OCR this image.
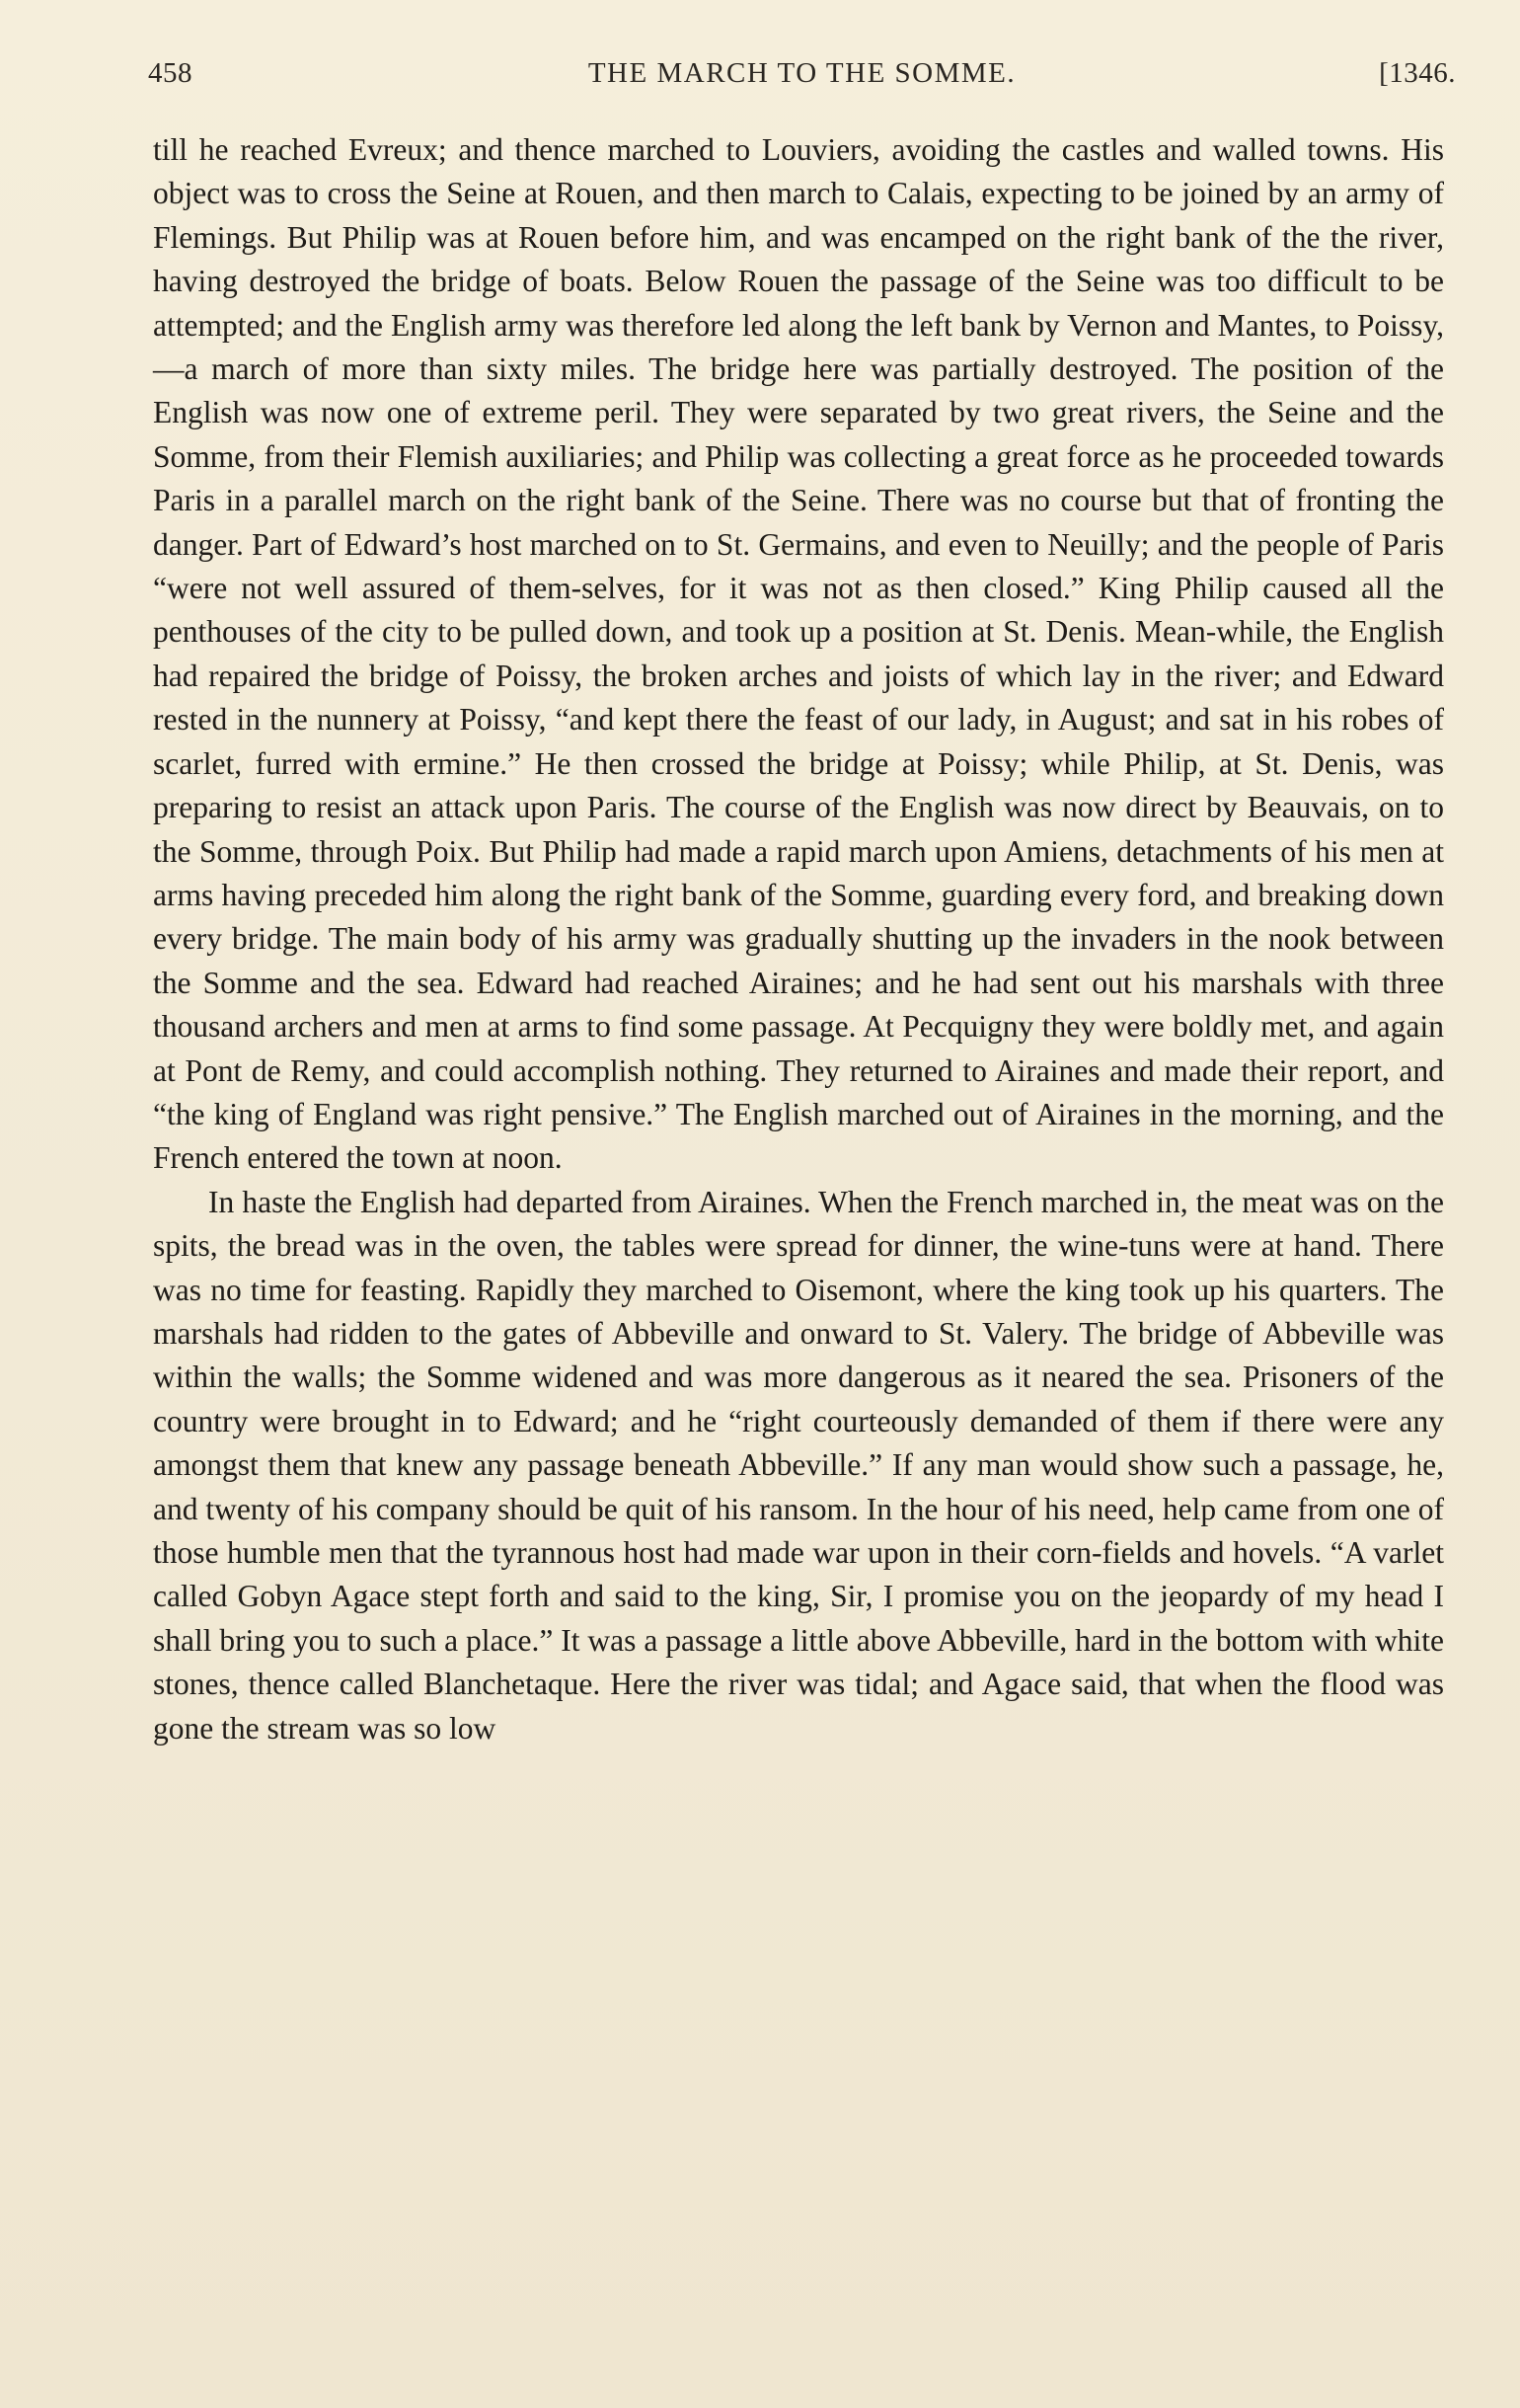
458	THE MARCH TO THE SOMME.	[1346.

till he reached Evreux; and thence marched to Louviers, avoiding the castles and walled towns. His object was to cross the Seine at Rouen, and then march to Calais, expecting to be joined by an army of Flemings. But Philip was at Rouen before him, and was encamped on the right bank of the the river, having destroyed the bridge of boats. Below Rouen the passage of the Seine was too difficult to be attempted; and the English army was therefore led along the left bank by Vernon and Mantes, to Poissy,—a march of more than sixty miles. The bridge here was partially destroyed. The position of the English was now one of extreme peril. They were separated by two great rivers, the Seine and the Somme, from their Flemish auxiliaries; and Philip was collecting a great force as he proceeded towards Paris in a parallel march on the right bank of the Seine. There was no course but that of fronting the danger. Part of Edward’s host marched on to St. Germains, and even to Neuilly; and the people of Paris “were not well assured of them-selves, for it was not as then closed.” King Philip caused all the penthouses of the city to be pulled down, and took up a position at St. Denis. Mean-while, the English had repaired the bridge of Poissy, the broken arches and joists of which lay in the river; and Edward rested in the nunnery at Poissy, “and kept there the feast of our lady, in August; and sat in his robes of scarlet, furred with ermine.” He then crossed the bridge at Poissy; while Philip, at St. Denis, was preparing to resist an attack upon Paris. The course of the English was now direct by Beauvais, on to the Somme, through Poix. But Philip had made a rapid march upon Amiens, detachments of his men at arms having preceded him along the right bank of the Somme, guarding every ford, and breaking down every bridge. The main body of his army was gradually shutting up the invaders in the nook between the Somme and the sea. Edward had reached Airaines; and he had sent out his marshals with three thousand archers and men at arms to find some passage. At Pecquigny they were boldly met, and again at Pont de Remy, and could accomplish nothing. They returned to Airaines and made their report, and “the king of England was right pensive.” The English marched out of Airaines in the morning, and the French entered the town at noon.

In haste the English had departed from Airaines. When the French marched in, the meat was on the spits, the bread was in the oven, the tables were spread for dinner, the wine-tuns were at hand. There was no time for feasting. Rapidly they marched to Oisemont, where the king took up his quarters. The marshals had ridden to the gates of Abbeville and onward to St. Valery. The bridge of Abbeville was within the walls; the Somme widened and was more dangerous as it neared the sea. Prisoners of the country were brought in to Edward; and he “right courteously demanded of them if there were any amongst them that knew any passage beneath Abbeville.” If any man would show such a passage, he, and twenty of his company should be quit of his ransom. In the hour of his need, help came from one of those humble men that the tyrannous host had made war upon in their corn-fields and hovels. “A varlet called Gobyn Agace stept forth and said to the king, Sir, I promise you on the jeopardy of my head I shall bring you to such a place.” It was a passage a little above Abbeville, hard in the bottom with white stones, thence called Blanchetaque. Here the river was tidal; and Agace said, that when the flood was gone the stream was so low
